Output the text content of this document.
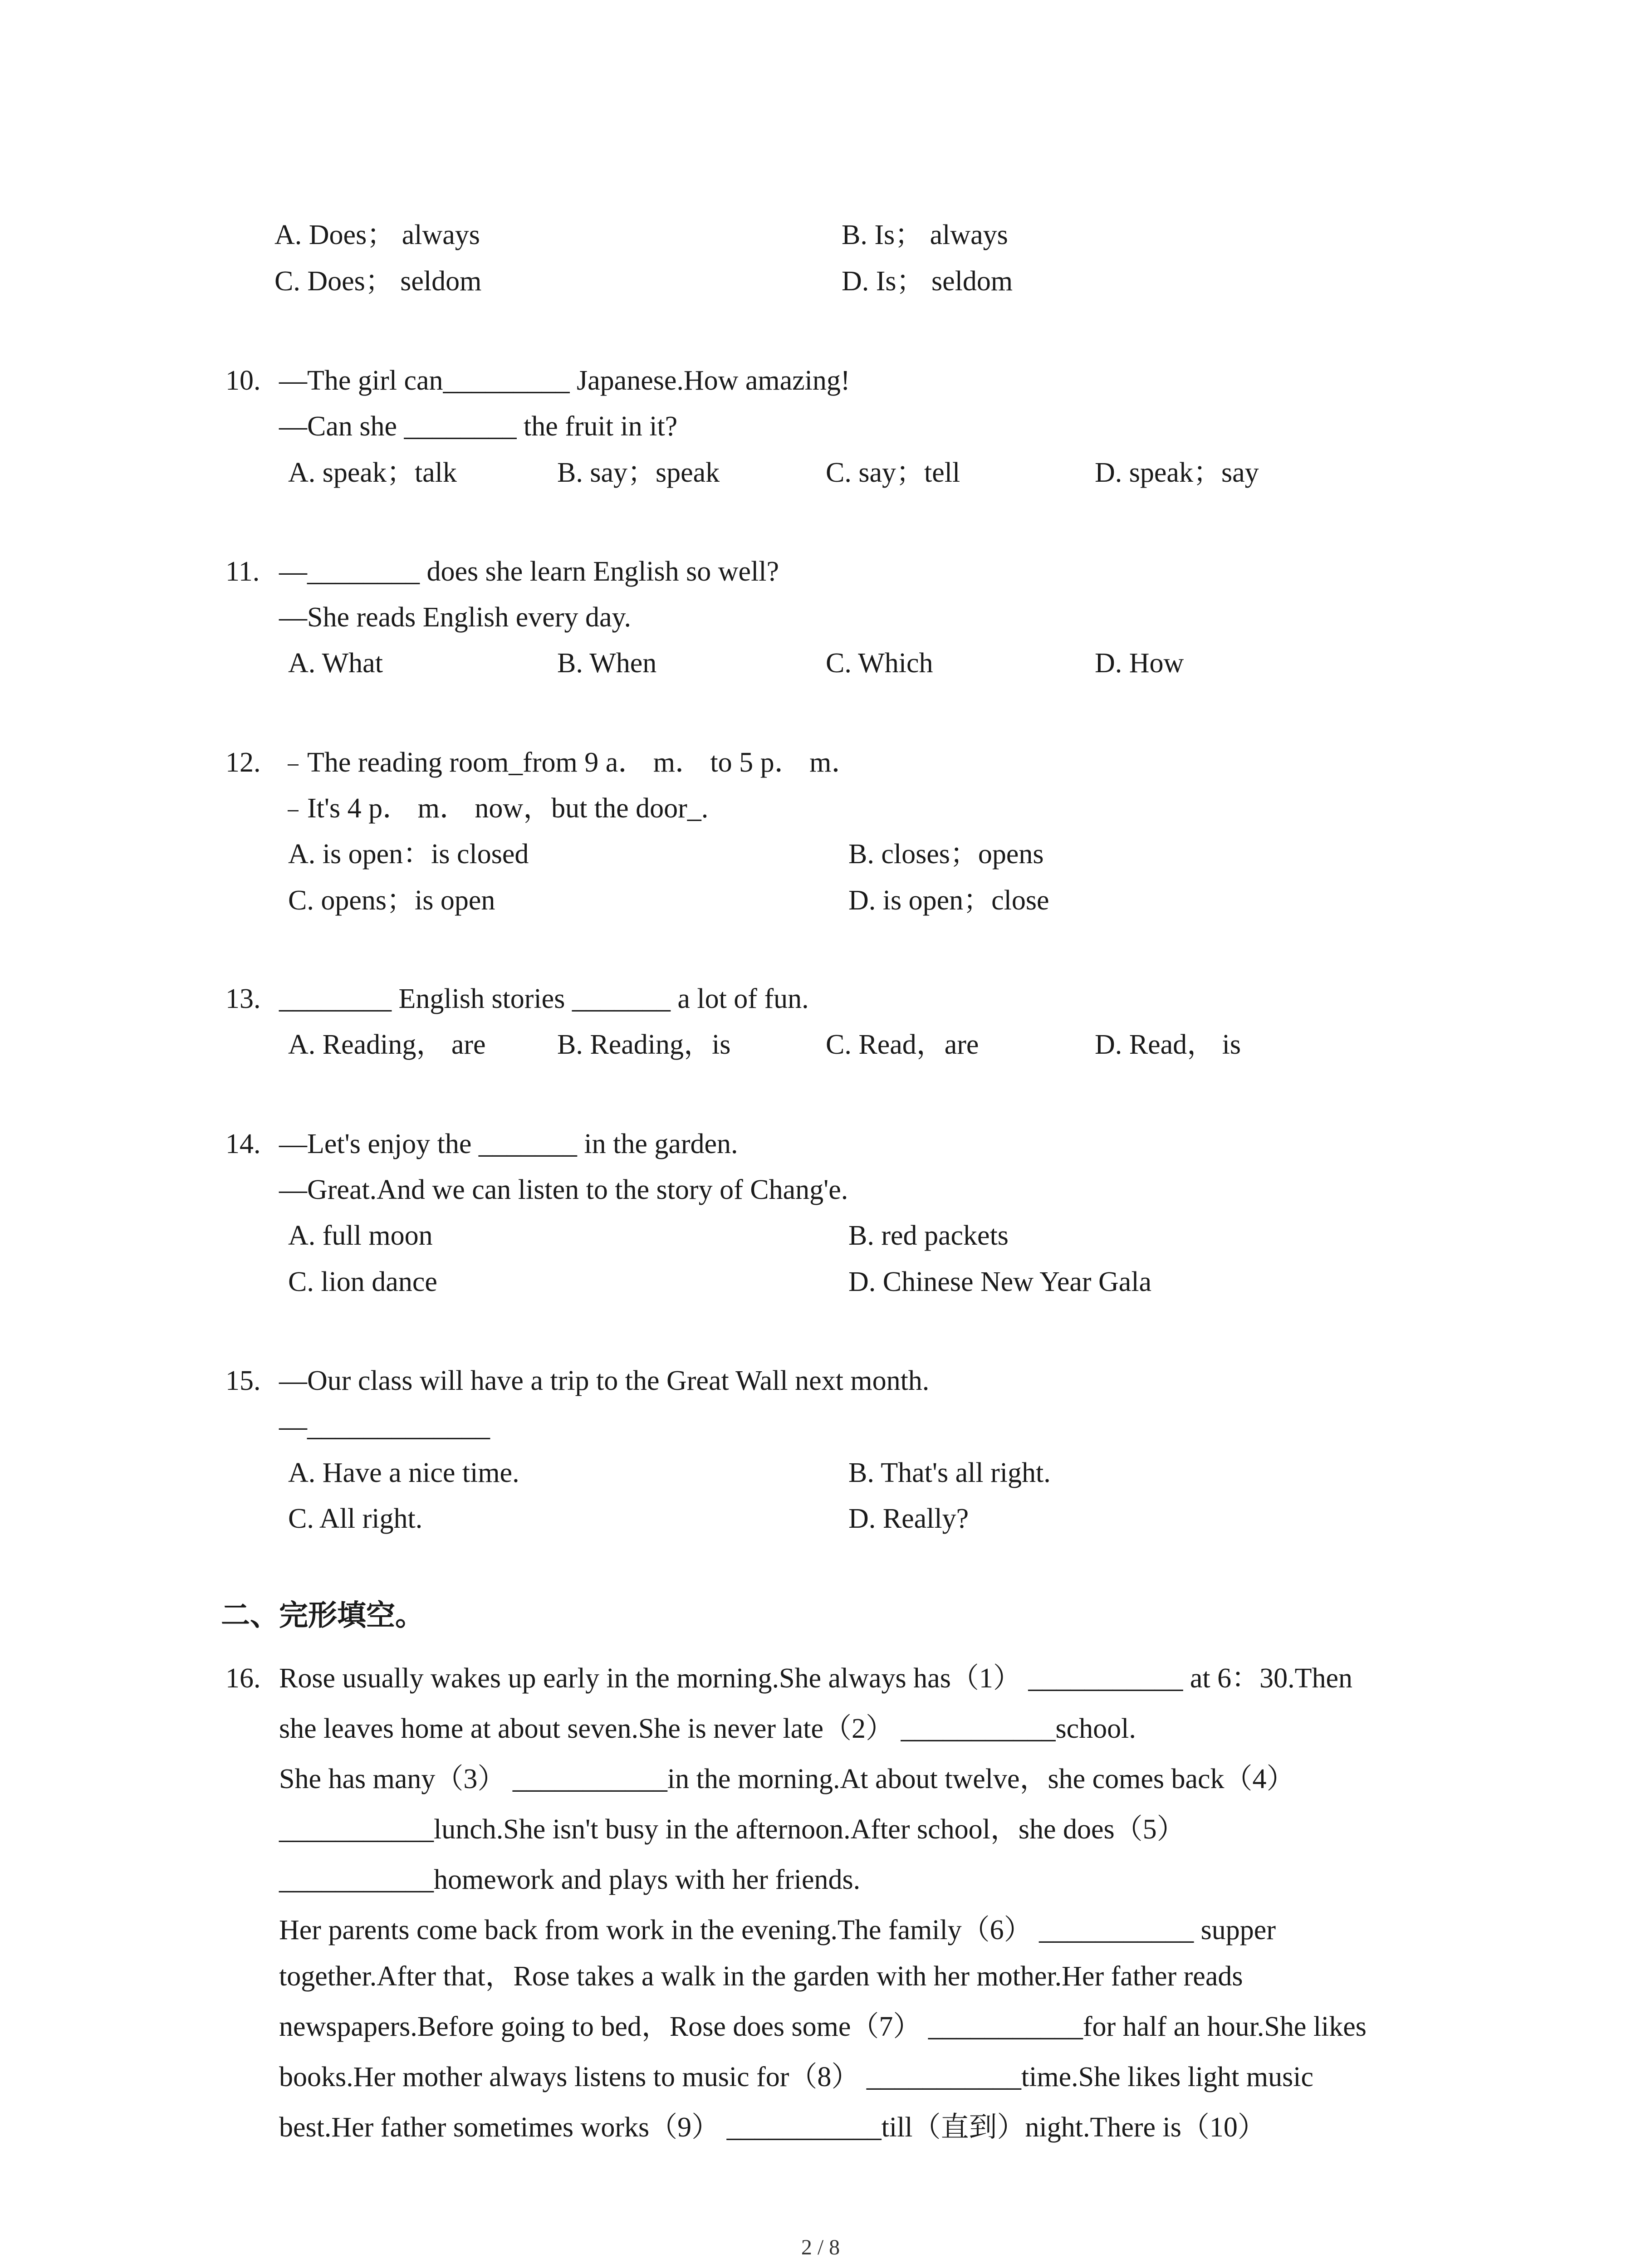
A. Does； always	B. Is； always
C. Does； seldom	D. Is； seldom
10. —The girl can_________ Japanese.How amazing!
—Can she ________ the fruit in it?
A. speak；talk	B. say；speak	C. say；tell	D. speak；say
11. —________ does she learn English so well?
—She reads English every day.
A. What	B. When	C. Which	D. How
12. ﹣The reading room_from 9 a． m． to 5 p． m．
﹣It's 4 p． m． now，but the door_.
A. is open：is closed	B. closes；opens
C. opens；is open	D. is open；close
13. ________ English stories _______ a lot of fun.
A. Reading， are	B. Reading，is	C. Read，are	D. Read， is
14. —Let's enjoy the _______ in the garden.
—Great.And we can listen to the story of Chang'e.
A. full moon	B. red packets
C. lion dance	D. Chinese New Year Gala
15. —Our class will have a trip to the Great Wall next month.
—_____________
A. Have a nice time.	B. That's all right.
C. All right.	D. Really?
二、完形填空。
16. Rose usually wakes up early in the morning.She always has（1） ___________ at 6：30.Then
she leaves home at about seven.She is never late（2） ___________school.
She has many（3） ___________in the morning.At about twelve，she comes back（4）
___________lunch.She isn't busy in the afternoon.After school，she does（5）
___________homework and plays with her friends.
Her parents come back from work in the evening.The family（6） ___________ supper
together.After that，Rose takes a walk in the garden with her mother.Her father reads
newspapers.Before going to bed，Rose does some（7） ___________for half an hour.She likes
books.Her mother always listens to music for（8） ___________time.She likes light music
best.Her father sometimes works（9） ___________till（直到）night.There is（10）
2 / 8
